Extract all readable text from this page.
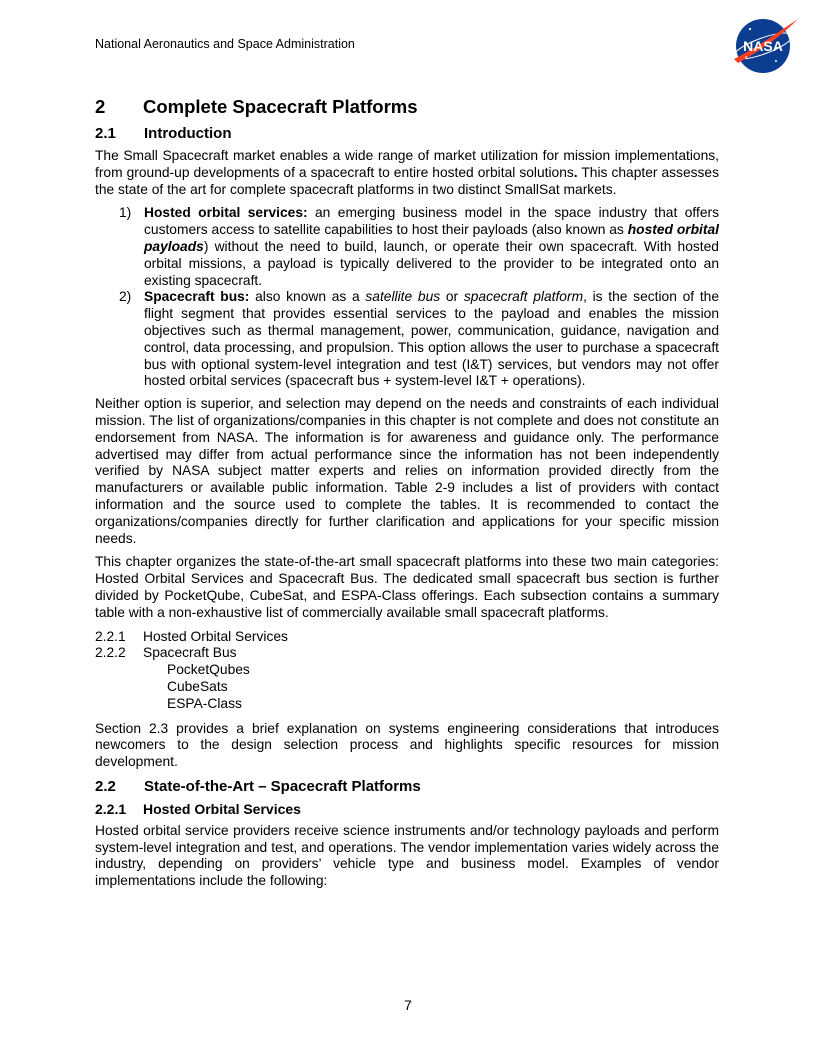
National Aeronautics and Space Administration	NASA
2	Complete Spacecraft Platforms
2.1	Introduction

The Small Spacecraft market enables a wide range of market utilization for mission implementations, from ground-up developments of a spacecraft to entire hosted orbital solutions. This chapter assesses the state of the art for complete spacecraft platforms in two distinct SmallSat markets.

1) Hosted orbital services: an emerging business model in the space industry that offers customers access to satellite capabilities to host their payloads (also known as hosted orbital payloads) without the need to build, launch, or operate their own spacecraft. With hosted orbital missions, a payload is typically delivered to the provider to be integrated onto an existing spacecraft.
2) Spacecraft bus: also known as a satellite bus or spacecraft platform, is the section of the flight segment that provides essential services to the payload and enables the mission objectives such as thermal management, power, communication, guidance, navigation and control, data processing, and propulsion. This option allows the user to purchase a spacecraft bus with optional system-level integration and test (I&T) services, but vendors may not offer hosted orbital services (spacecraft bus + system-level I&T + operations).

Neither option is superior, and selection may depend on the needs and constraints of each individual mission. The list of organizations/companies in this chapter is not complete and does not constitute an endorsement from NASA. The information is for awareness and guidance only. The performance advertised may differ from actual performance since the information has not been independently verified by NASA subject matter experts and relies on information provided directly from the manufacturers or available public information. Table 2-9 includes a list of providers with contact information and the source used to complete the tables. It is recommended to contact the organizations/companies directly for further clarification and applications for your specific mission needs.

This chapter organizes the state-of-the-art small spacecraft platforms into these two main categories: Hosted Orbital Services and Spacecraft Bus. The dedicated small spacecraft bus section is further divided by PocketQube, CubeSat, and ESPA-Class offerings. Each subsection contains a summary table with a non-exhaustive list of commercially available small spacecraft platforms.

2.2.1	Hosted Orbital Services
2.2.2	Spacecraft Bus
PocketQubes
CubeSats
ESPA-Class

Section 2.3 provides a brief explanation on systems engineering considerations that introduces newcomers to the design selection process and highlights specific resources for mission development.

2.2	State-of-the-Art – Spacecraft Platforms
2.2.1	Hosted Orbital Services

Hosted orbital service providers receive science instruments and/or technology payloads and perform system-level integration and test, and operations. The vendor implementation varies widely across the industry, depending on providers’ vehicle type and business model. Examples of vendor implementations include the following:

7
